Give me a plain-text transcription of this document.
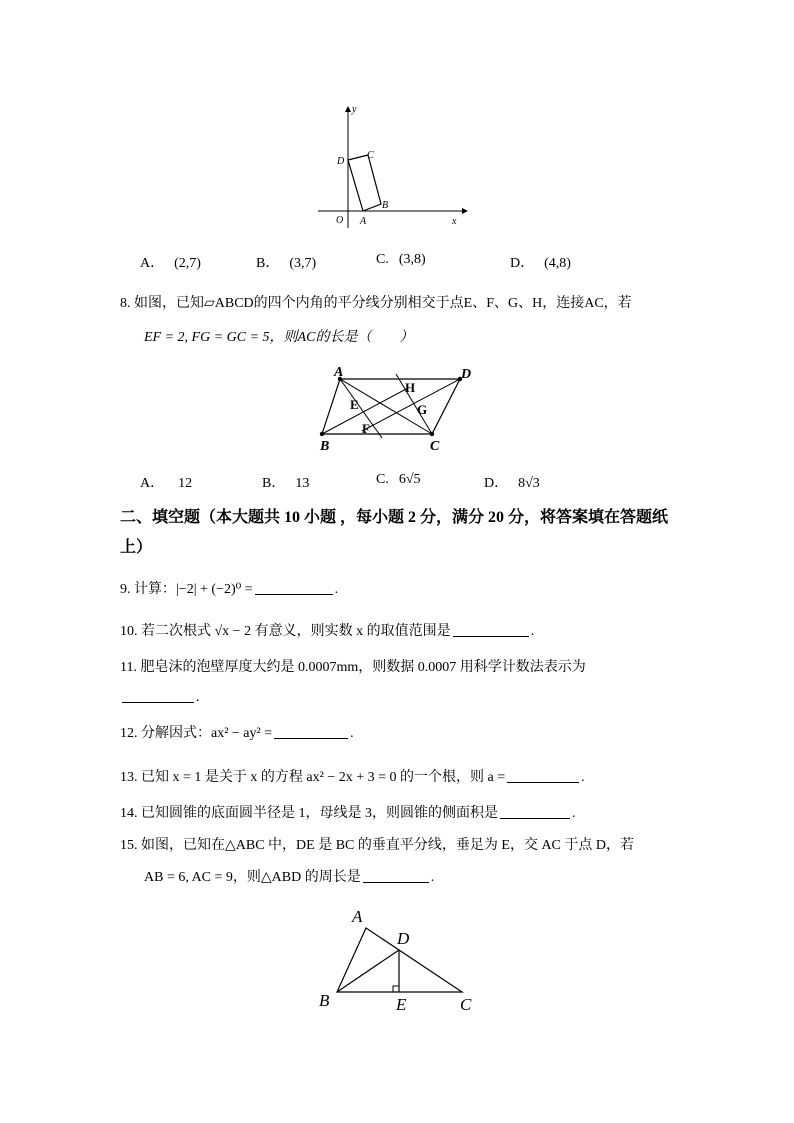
y
x
O A
B
C
D
A． (2,7)	B． (3,7)	C. (3,8)	D． (4,8)
8. 如图，已知▱ABCD的四个内角的平分线分别相交于点E、F、G、H，连接AC，若
EF = 2, FG = GC = 5，则AC的长是（　　）
A	D
B	C
E
F
G
H
A． 12	B． 13	C. 6√5	D． 8√3
二、填空题（本大题共 10 小题 ，每小题 2 分，满分 20 分，将答案填在答题纸
上）
9. 计算：|−2| + (−2)⁰ =	.
10. 若二次根式 √x − 2 有意义，则实数 x 的取值范围是	.
11. 肥皂沫的泡壁厚度大约是 0.0007mm，则数据 0.0007 用科学计数法表示为
.
12. 分解因式：ax² − ay² =	.
13. 已知 x = 1 是关于 x 的方程 ax² − 2x + 3 = 0 的一个根，则 a =	.
14. 已知圆锥的底面圆半径是 1，母线是 3，则圆锥的侧面积是	.
15. 如图，已知在△ABC 中，DE 是 BC 的垂直平分线，垂足为 E，交 AC 于点 D，若
AB = 6, AC = 9，则△ABD 的周长是	.
A
D
B	E	C
